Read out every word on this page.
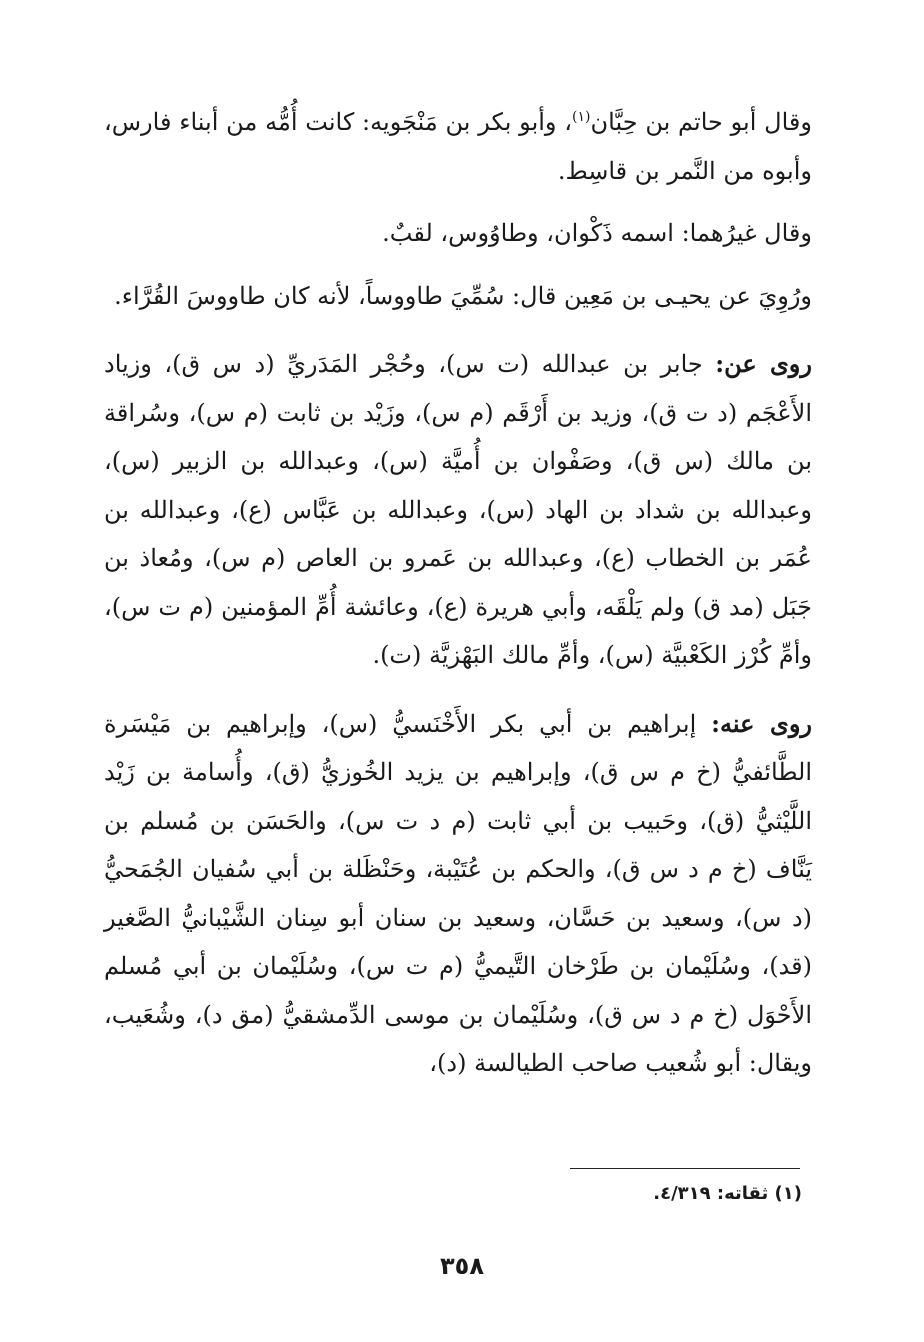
وقال أبو حاتم بن حِبَّان$^{(١)}$، وأبو بكر بن مَنْجَويه: كانت أُمُّه من أبناء فارس، وأبوه من النَّمر بن قاسِط.

وقال غيرُهما: اسمه ذَكْوان، وطاوُوس، لقبٌ.

ورُوِيَ عن يحيـى بن مَعِين قال: سُمِّيَ طاووساً، لأنه كان طاووسَ القُرَّاء.

روى عن: جابر بن عبدالله (ت س)، وحُجْر المَدَريِّ (د س ق)، وزياد الأَعْجَم (د ت ق)، وزيد بن أَرْقَم (م س)، وزَيْد بن ثابت (م س)، وسُراقة بن مالك (س ق)، وصَفْوان بن أُميَّة (س)، وعبدالله بن الزبير (س)، وعبدالله بن شداد بن الهاد (س)، وعبدالله بن عَبَّاس (ع)، وعبدالله بن عُمَر بن الخطاب (ع)، وعبدالله بن عَمرو بن العاص (م س)، ومُعاذ بن جَبَل (مد ق) ولم يَلْقَه، وأبي هريرة (ع)، وعائشة أُمِّ المؤمنين (م ت س)، وأمِّ كُرْز الكَعْبيَّة (س)، وأمِّ مالك البَهْزيَّة (ت).

روى عنه: إبراهيم بن أبي بكر الأَخْنَسيُّ (س)، وإبراهيم بن مَيْسَرة الطَّائفيُّ (خ م س ق)، وإبراهيم بن يزيد الخُوزيُّ (ق)، وأُسامة بن زَيْد اللَّيْثيُّ (ق)، وحَبيب بن أبي ثابت (م د ت س)، والحَسَن بن مُسلم بن يَنَّاف (خ م د س ق)، والحكم بن عُتَيْبة، وحَنْظَلة بن أبي سُفيان الجُمَحيُّ (د س)، وسعيد بن حَسَّان، وسعيد بن سنان أبو سِنان الشَّيْبانيُّ الصَّغير (قد)، وسُلَيْمان بن طَرْخان التَّيميُّ (م ت س)، وسُلَيْمان بن أبي مُسلم الأَحْوَل (خ م د س ق)، وسُلَيْمان بن موسى الدِّمشقيُّ (مق د)، وشُعَيب، ويقال: أبو شُعيب صاحب الطيالسة (د)،

(١) ثقاته: ٤/٣١٩.
٣٥٨
